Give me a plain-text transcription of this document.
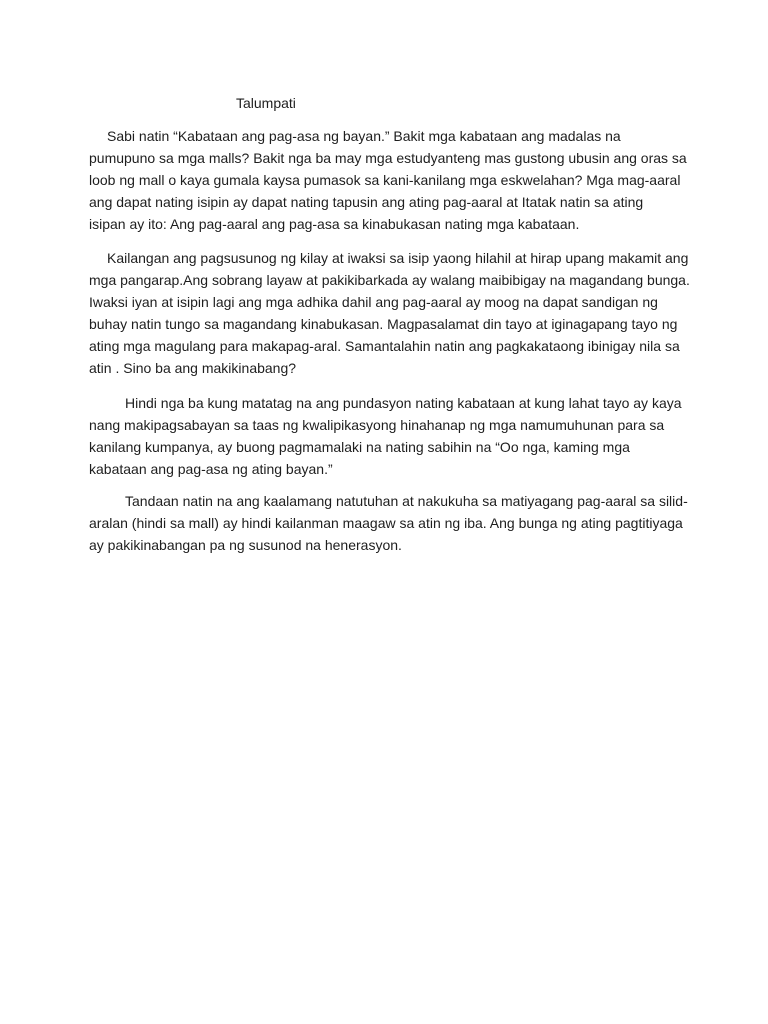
Talumpati

Sabi natin “Kabataan ang pag-asa ng bayan.” Bakit mga kabataan ang madalas na
pumupuno sa mga malls? Bakit nga ba may mga estudyanteng mas gustong ubusin ang oras sa
loob ng mall o kaya gumala kaysa pumasok sa kani-kanilang mga eskwelahan? Mga mag-aaral
ang dapat nating isipin ay dapat nating tapusin ang ating pag-aaral at Itatak natin sa ating
isipan ay ito: Ang pag-aaral ang pag-asa sa kinabukasan nating mga kabataan.

Kailangan ang pagsusunog ng kilay at iwaksi sa isip yaong hilahil at hirap upang makamit ang
mga pangarap.Ang sobrang layaw at pakikibarkada ay walang maibibigay na magandang bunga.
Iwaksi iyan at isipin lagi ang mga adhika dahil ang pag-aaral ay moog na dapat sandigan ng
buhay natin tungo sa magandang kinabukasan. Magpasalamat din tayo at iginagapang tayo ng
ating mga magulang para makapag-aral. Samantalahin natin ang pagkakataong ibinigay nila sa
atin . Sino ba ang makikinabang?

Hindi nga ba kung matatag na ang pundasyon nating kabataan at kung lahat tayo ay kaya
nang makipagsabayan sa taas ng kwalipikasyong hinahanap ng mga namumuhunan para sa
kanilang kumpanya, ay buong pagmamalaki na nating sabihin na “Oo nga, kaming mga
kabataan ang pag-asa ng ating bayan.”

Tandaan natin na ang kaalamang natutuhan at nakukuha sa matiyagang pag-aaral sa silid-
aralan (hindi sa mall) ay hindi kailanman maagaw sa atin ng iba. Ang bunga ng ating pagtitiyaga
ay pakikinabangan pa ng susunod na henerasyon.
